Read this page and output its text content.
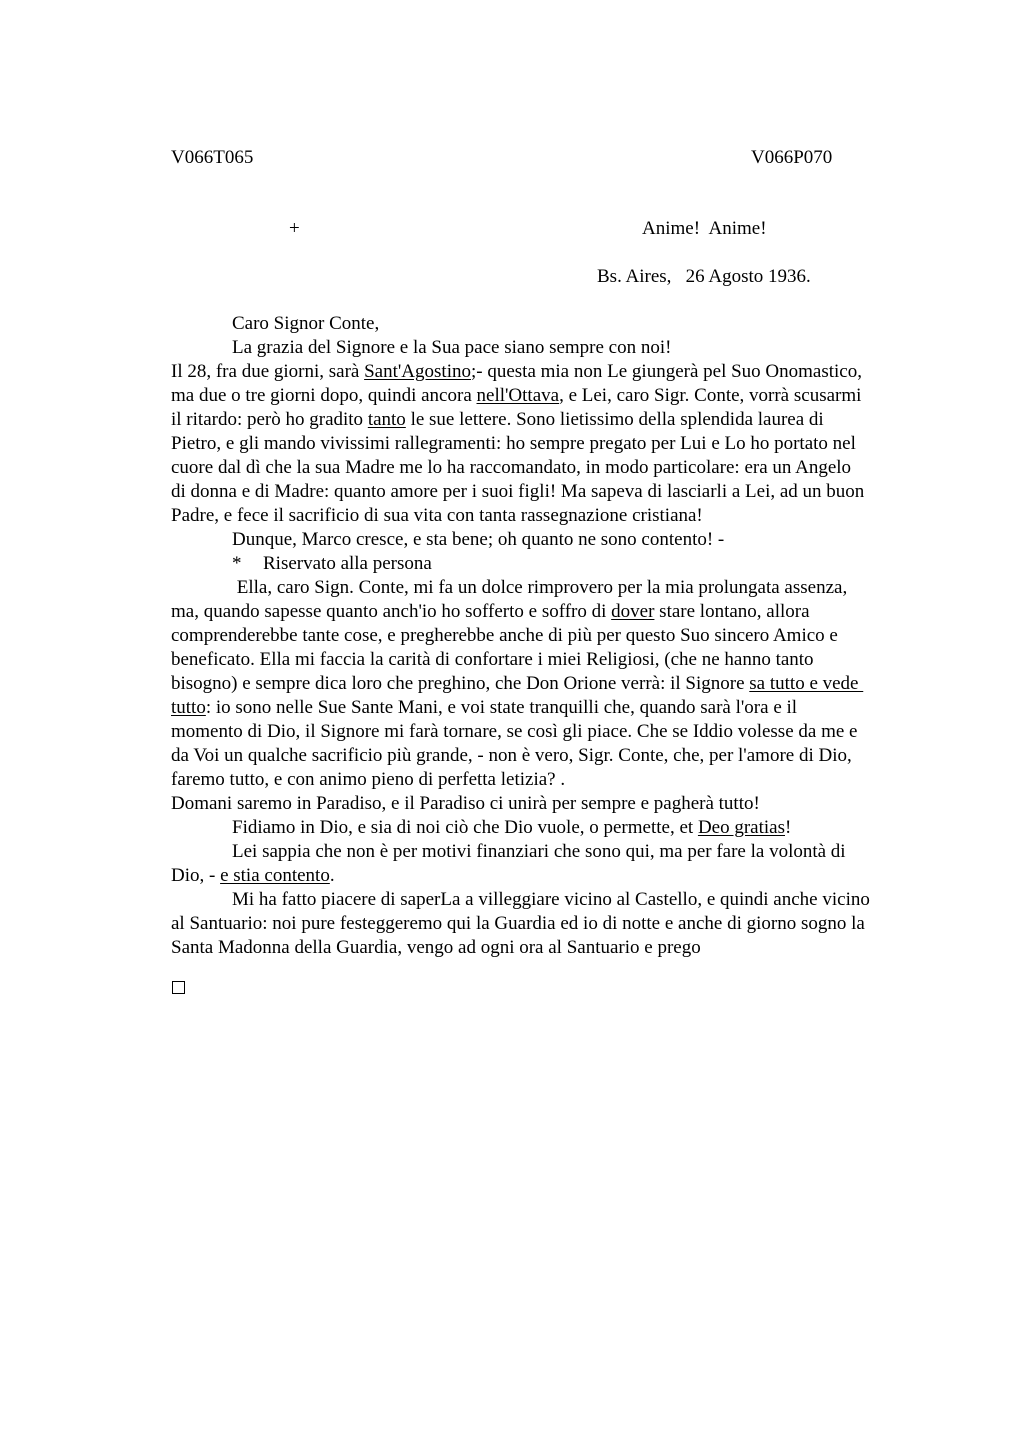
V066T065	V066P070
+	Anime!  Anime!
Bs. Aires,   26 Agosto 1936.
Caro Signor Conte,
La grazia del Signore e la Sua pace siano sempre con noi!
Il 28, fra due giorni, sarà Sant'Agostino;- questa mia non Le giungerà pel Suo Onomastico,
ma due o tre giorni dopo, quindi ancora nell'Ottava, e Lei, caro Sigr. Conte, vorrà scusarmi
il ritardo: però ho gradito tanto le sue lettere. Sono lietissimo della splendida laurea di
Pietro, e gli mando vivissimi rallegramenti: ho sempre pregato per Lui e Lo ho portato nel
cuore dal dì che la sua Madre me lo ha raccomandato, in modo particolare: era un Angelo
di donna e di Madre: quanto amore per i suoi figli! Ma sapeva di lasciarli a Lei, ad un buon
Padre, e fece il sacrificio di sua vita con tanta rassegnazione cristiana!
Dunque, Marco cresce, e sta bene; oh quanto ne sono contento! -
* Riservato alla persona
Ella, caro Sign. Conte, mi fa un dolce rimprovero per la mia prolungata assenza,
ma, quando sapesse quanto anch'io ho sofferto e soffro di dover stare lontano, allora
comprenderebbe tante cose, e pregherebbe anche di più per questo Suo sincero Amico e
beneficato. Ella mi faccia la carità di confortare i miei Religiosi, (che ne hanno tanto
bisogno) e sempre dica loro che preghino, che Don Orione verrà: il Signore sa tutto e vede
tutto: io sono nelle Sue Sante Mani, e voi state tranquilli che, quando sarà l'ora e il
momento di Dio, il Signore mi farà tornare, se così gli piace. Che se Iddio volesse da me e
da Voi un qualche sacrificio più grande, - non è vero, Sigr. Conte, che, per l'amore di Dio,
faremo tutto, e con animo pieno di perfetta letizia? .
Domani saremo in Paradiso, e il Paradiso ci unirà per sempre e pagherà tutto!
Fidiamo in Dio, e sia di noi ciò che Dio vuole, o permette, et Deo gratias!
Lei sappia che non è per motivi finanziari che sono qui, ma per fare la volontà di
Dio, - e stia contento.
Mi ha fatto piacere di saperLa a villeggiare vicino al Castello, e quindi anche vicino
al Santuario: noi pure festeggeremo qui la Guardia ed io di notte e anche di giorno sogno la
Santa Madonna della Guardia, vengo ad ogni ora al Santuario e prego
